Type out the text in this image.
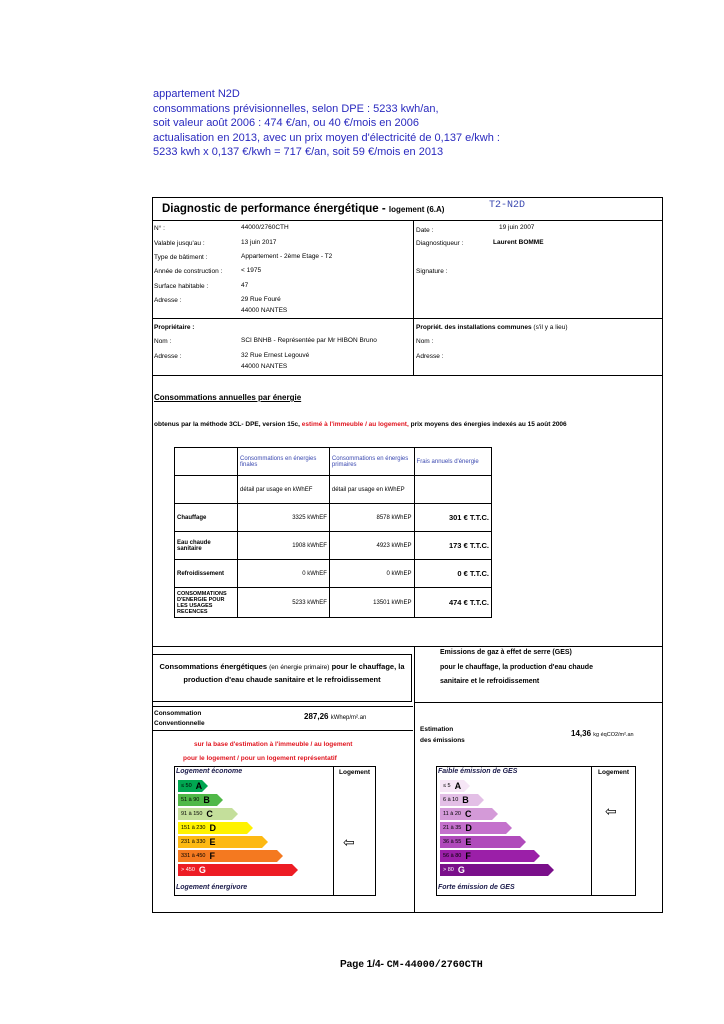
appartement N2D
consommations prévisionnelles, selon DPE : 5233 kwh/an,
soit valeur août 2006 : 474 €/an, ou 40 €/mois en 2006
actualisation en 2013, avec un prix moyen d'électricité de 0,137 e/kwh :
5233 kwh x 0,137 €/kwh = 717 €/an, soit 59 €/mois en 2013
Diagnostic de performance énergétique - logement (6.A)	T2-N2D
N° :	44000/2760CTH
Valable jusqu'au :	13 juin 2017
Type de bâtiment :	Appartement - 2ème Etage - T2
Année de construction :	< 1975
Surface habitable :	47
Adresse :	29 Rue Fouré
44000 NANTES
Date :	19 juin 2007
Diagnostiqueur :	Laurent BOMME
Signature :
Propriétaire :
Nom :	SCI BNHB - Représentée par Mr HIBON Bruno
Adresse :	32 Rue Ernest Legouvé
44000 NANTES
Propriét. des installations communes (s'il y a lieu)
Nom :
Adresse :
Consommations annuelles par énergie
obtenus par la méthode 3CL- DPE, version 15c, estimé à l'immeuble / au logement, prix moyens des énergies indexés au 15 août 2006
	Consommations en énergies finales	Consommations en énergies primaires	Frais annuels d'énergie
	détail par usage en kWhEF	détail par usage en kWhEP	
Chauffage	3325 kWhEF	8578 kWhEP	301 € T.T.C.
Eau chaude sanitaire	1908 kWhEF	4923 kWhEP	173 € T.T.C.
Refroidissement	0 kWhEF	0 kWhEP	0 € T.T.C.
CONSOMMATIONS D'ENERGIE POUR LES USAGES RECENCES	5233 kWhEF	13501 kWhEP	474 € T.T.C.
Consommations énergétiques (en énergie primaire) pour le chauffage, la
production d'eau chaude sanitaire et le refroidissement
Consommation
Conventionnelle
287,26 kWhep/m².an
sur la base d'estimation à l'immeuble / au logement
pour le logement / pour un logement représentatif
Logement économe	Logement
Logement énergivore
⇦
Emissions de gaz à effet de serre (GES)
pour le chauffage, la production d'eau chaude
sanitaire et le refroidissement
Estimation
des émissions
14,36 kg éqCO2/m².an
Faible émission de GES	Logement
Forte émission de GES
⇦
Page 1/4- CM-44000/2760CTH
≤ 50 A
51 à 90 B
91 à 150 C
151 à 230 D
231 à 330 E
331 à 450 F
> 450 G
≤ 5 A
6 à 10 B
11 à 20 C
21 à 35 D
36 à 55 E
56 à 80 F
> 80 G
